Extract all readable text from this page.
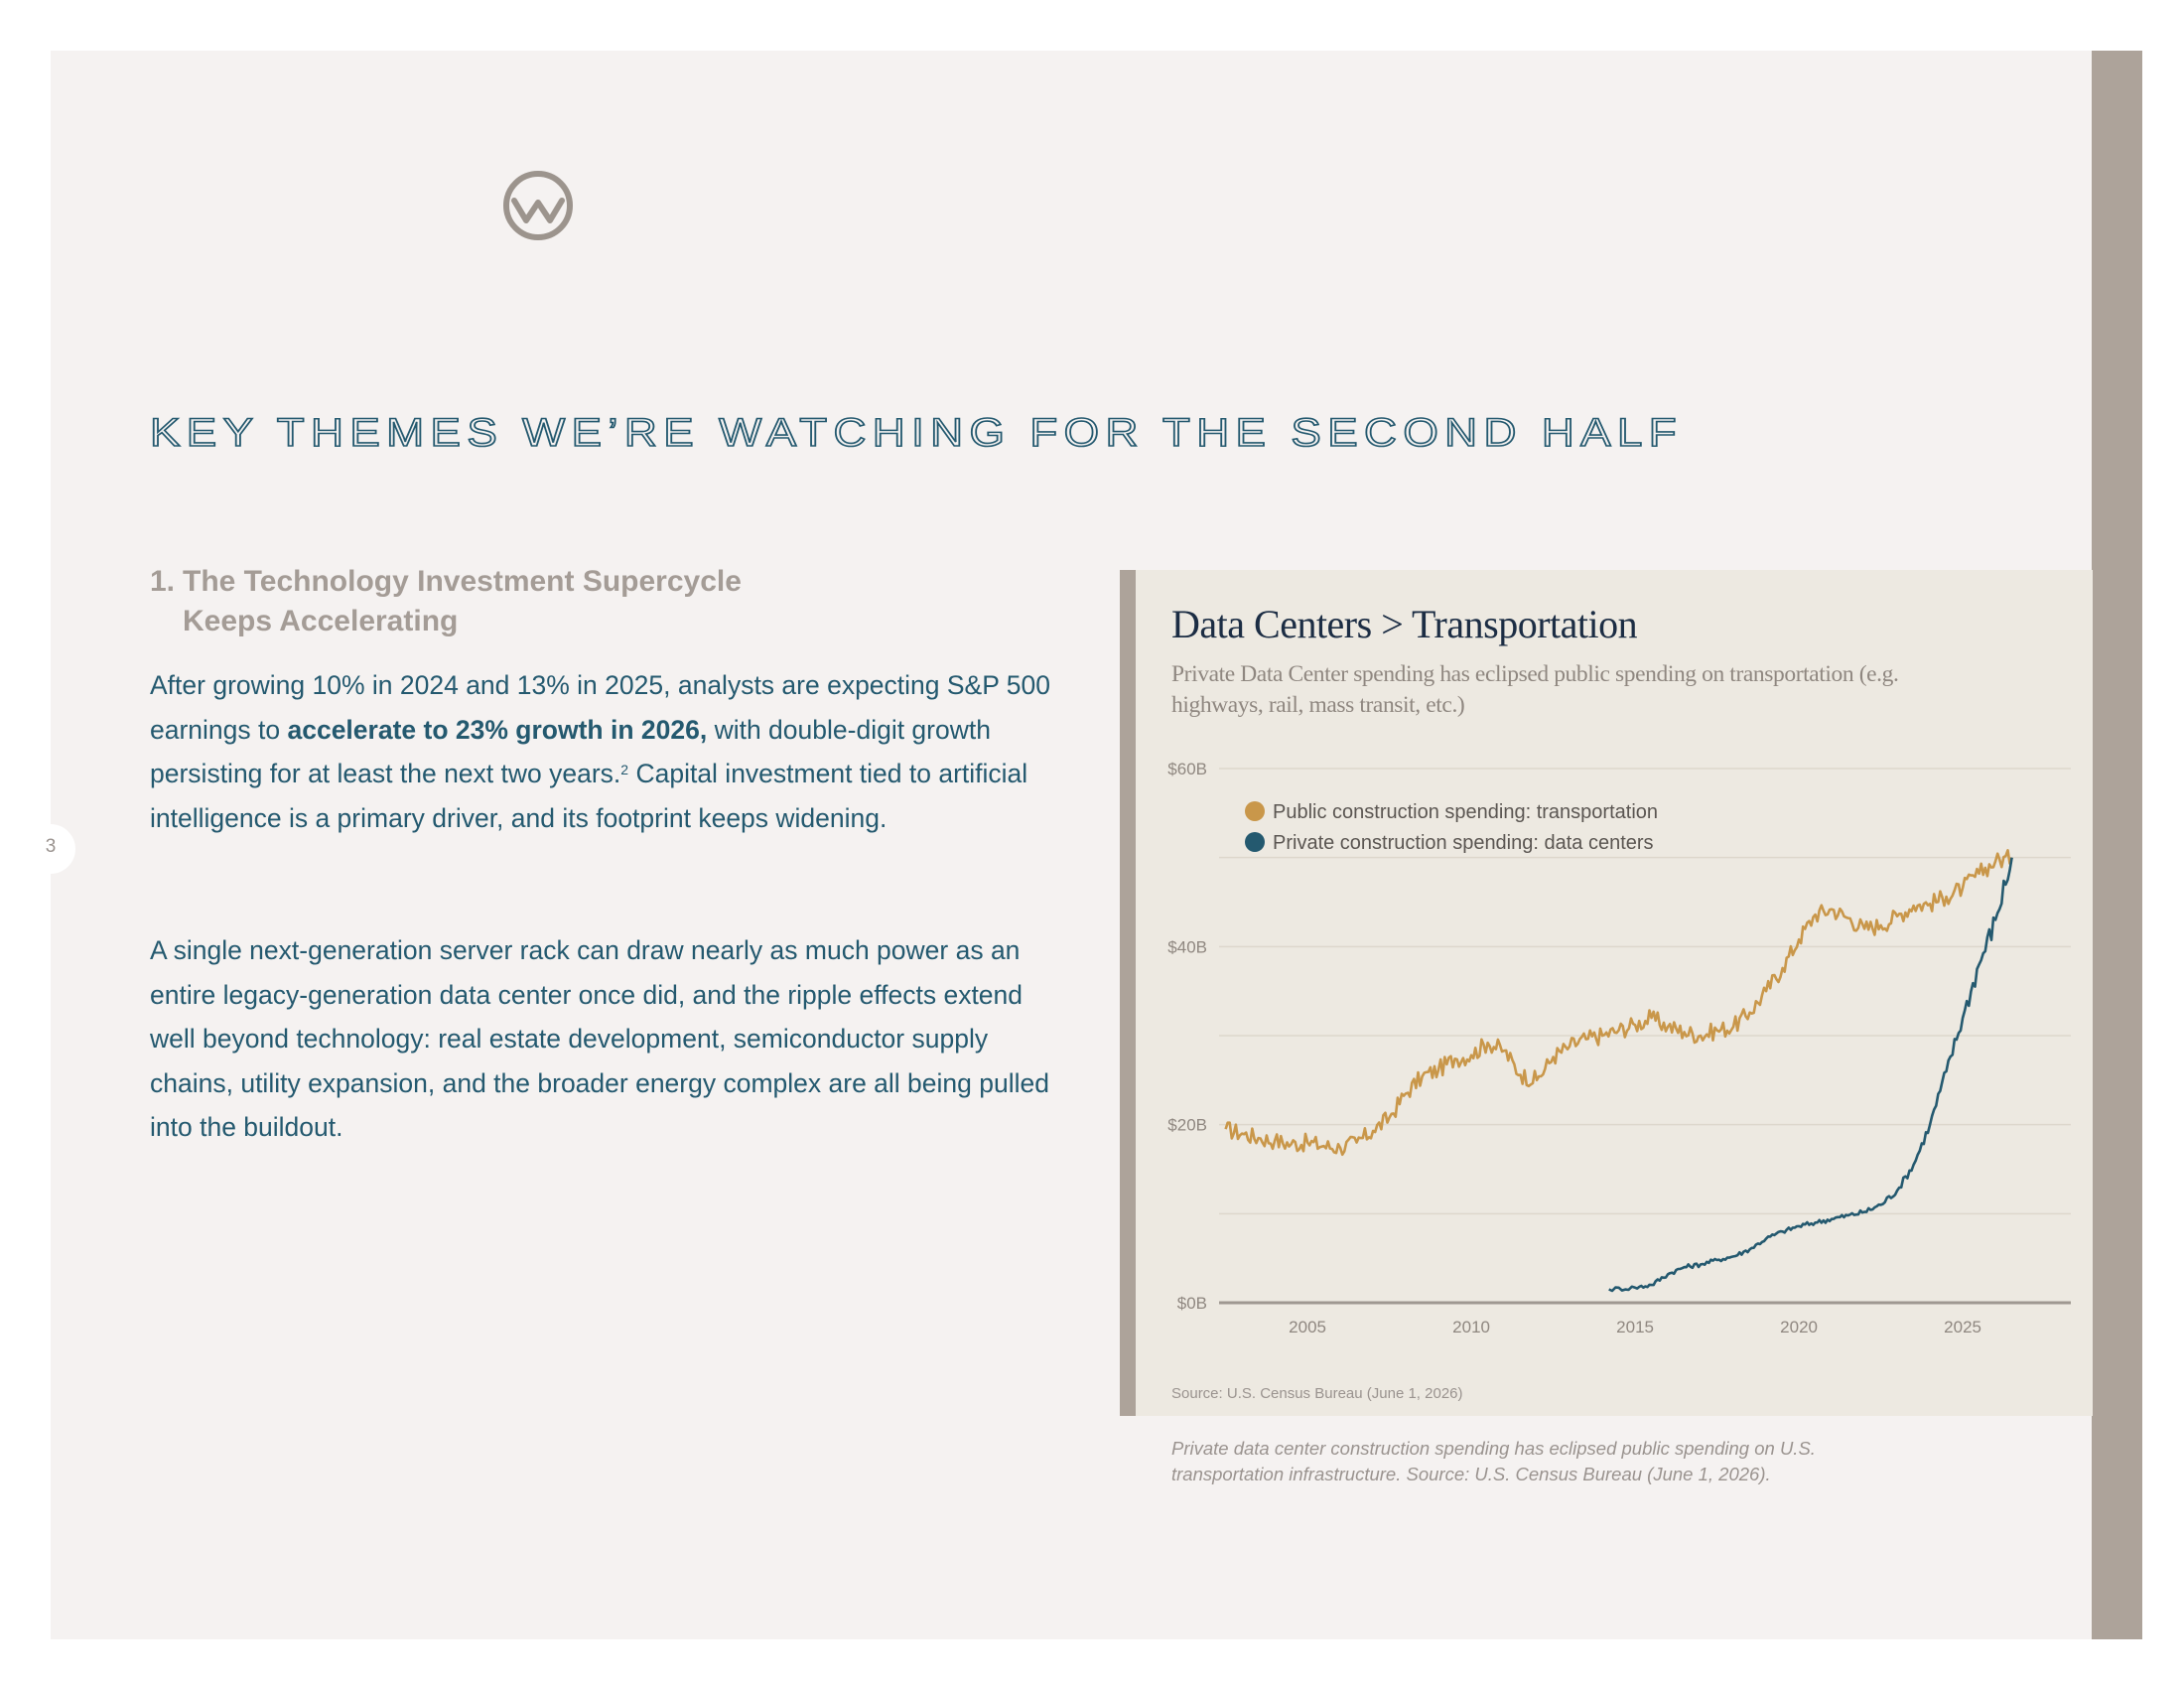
3
KEY THEMES WE’RE WATCHING FOR THE SECOND HALF
1. The Technology Investment Supercycle
Keeps Accelerating
After growing 10% in 2024 and 13% in 2025, analysts are expecting S&P 500 earnings to accelerate to 23% growth in 2026, with double-digit growth persisting for at least the next two years.$^2$ Capital investment tied to artificial intelligence is a primary driver, and its footprint keeps widening.
A single next-generation server rack can draw nearly as much power as an entire legacy-generation data center once did, and the ripple effects extend well beyond technology: real estate development, semiconductor supply chains, utility expansion, and the broader energy complex are all being pulled into the buildout.
Data Centers > Transportation
Private Data Center spending has eclipsed public spending on transportation (e.g.
highways, rail, mass transit, etc.)
$0B
$20B
$40B
$60B
2005	2010	2015	2020	2025
Public construction spending: transportation
Private construction spending: data centers
Source: U.S. Census Bureau (June 1, 2026)
Private data center construction spending has eclipsed public spending on U.S. transportation infrastructure. Source: U.S. Census Bureau (June 1, 2026).
